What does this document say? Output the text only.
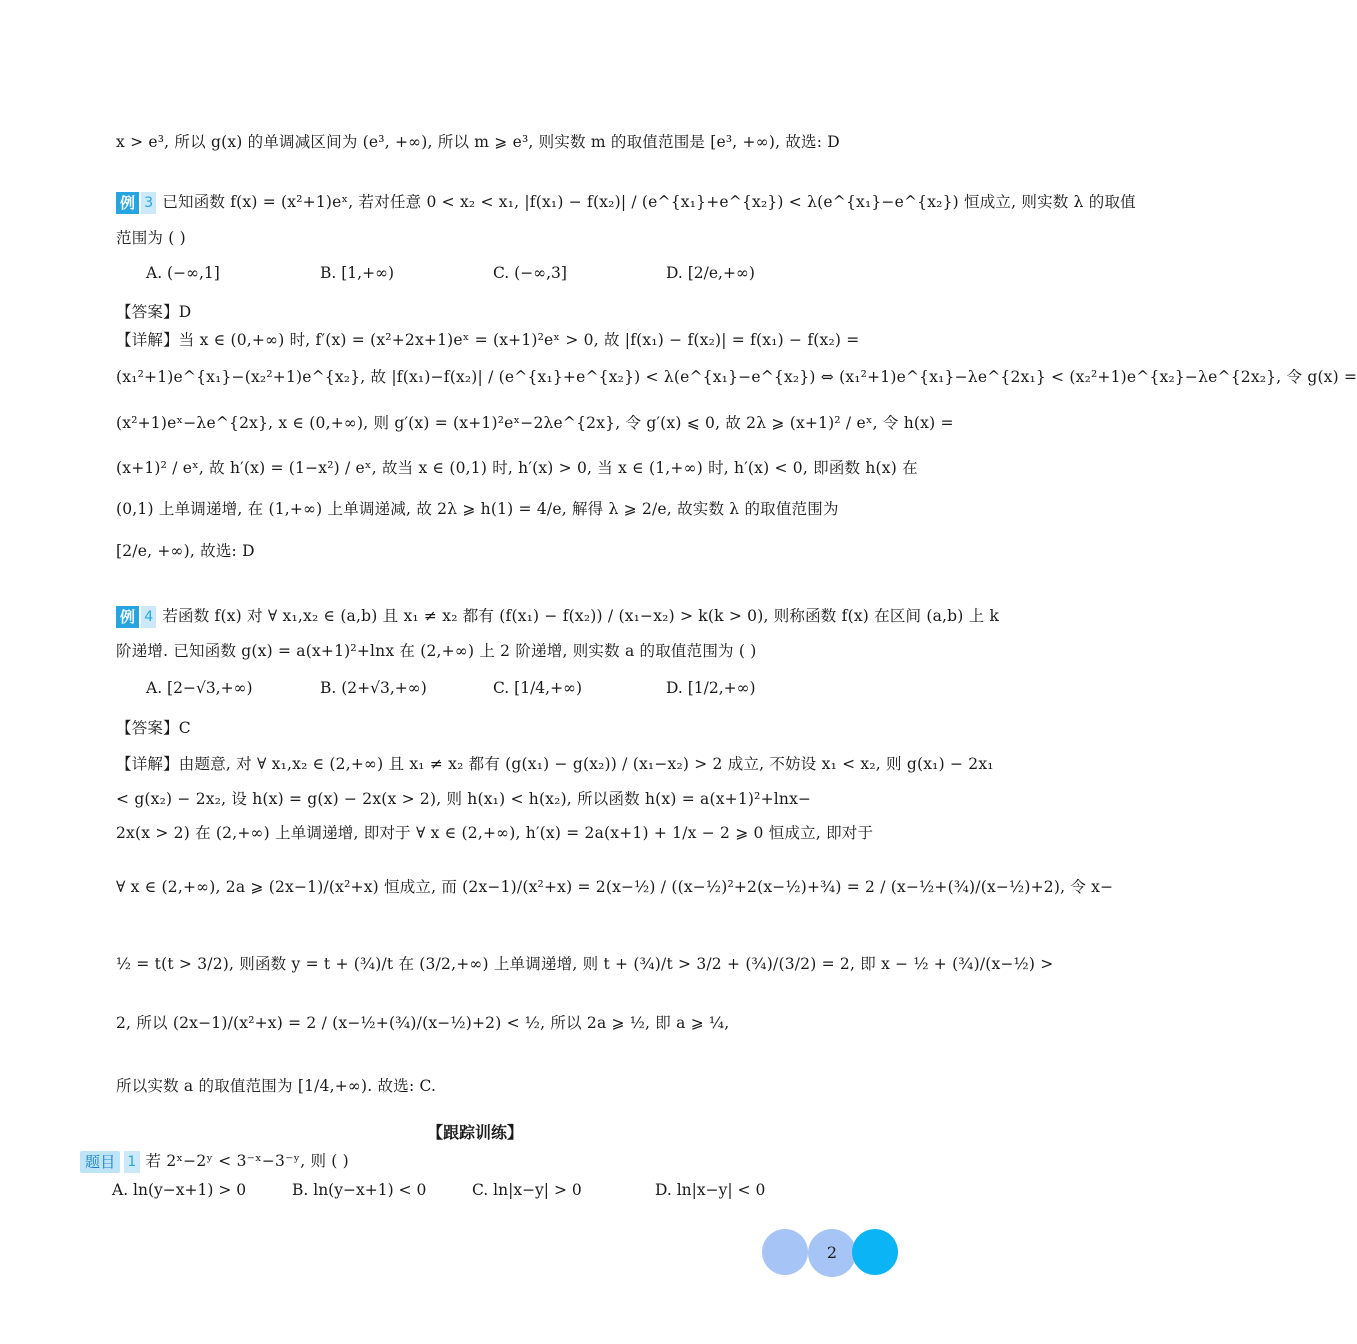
x > e³, 所以 g(x) 的单调减区间为 (e³, +∞), 所以 m ⩾ e³, 则实数 m 的取值范围是 [e³, +∞), 故选: D
例 3 已知函数 f(x) = (x²+1)eˣ, 若对任意 0 < x₂ < x₁, |f(x₁) − f(x₂)| / (e^{x₁}+e^{x₂}) < λ(e^{x₁}−e^{x₂}) 恒成立, 则实数 λ 的取值
范围为 ( )
A. (−∞,1]	B. [1,+∞)	C. (−∞,3]	D. [2/e,+∞)
【答案】D
【详解】当 x ∈ (0,+∞) 时, f′(x) = (x²+2x+1)eˣ = (x+1)²eˣ > 0, 故 |f(x₁) − f(x₂)| = f(x₁) − f(x₂) =
(x₁²+1)e^{x₁}−(x₂²+1)e^{x₂}, 故 |f(x₁)−f(x₂)| / (e^{x₁}+e^{x₂}) < λ(e^{x₁}−e^{x₂}) ⇔ (x₁²+1)e^{x₁}−λe^{2x₁} < (x₂²+1)e^{x₂}−λe^{2x₂}, 令 g(x) =
(x²+1)eˣ−λe^{2x}, x ∈ (0,+∞), 则 g′(x) = (x+1)²eˣ−2λe^{2x}, 令 g′(x) ⩽ 0, 故 2λ ⩾ (x+1)² / eˣ, 令 h(x) =
(x+1)² / eˣ, 故 h′(x) = (1−x²) / eˣ, 故当 x ∈ (0,1) 时, h′(x) > 0, 当 x ∈ (1,+∞) 时, h′(x) < 0, 即函数 h(x) 在
(0,1) 上单调递增, 在 (1,+∞) 上单调递减, 故 2λ ⩾ h(1) = 4/e, 解得 λ ⩾ 2/e, 故实数 λ 的取值范围为
[2/e, +∞), 故选: D
例 4 若函数 f(x) 对 ∀ x₁,x₂ ∈ (a,b) 且 x₁ ≠ x₂ 都有 (f(x₁) − f(x₂)) / (x₁−x₂) > k(k > 0), 则称函数 f(x) 在区间 (a,b) 上 k
阶递增. 已知函数 g(x) = a(x+1)²+lnx 在 (2,+∞) 上 2 阶递增, 则实数 a 的取值范围为 ( )
A. [2−√3,+∞)	B. (2+√3,+∞)	C. [1/4,+∞)	D. [1/2,+∞)
【答案】C
【详解】由题意, 对 ∀ x₁,x₂ ∈ (2,+∞) 且 x₁ ≠ x₂ 都有 (g(x₁) − g(x₂)) / (x₁−x₂) > 2 成立, 不妨设 x₁ < x₂, 则 g(x₁) − 2x₁
< g(x₂) − 2x₂, 设 h(x) = g(x) − 2x(x > 2), 则 h(x₁) < h(x₂), 所以函数 h(x) = a(x+1)²+lnx−
2x(x > 2) 在 (2,+∞) 上单调递增, 即对于 ∀ x ∈ (2,+∞), h′(x) = 2a(x+1) + 1/x − 2 ⩾ 0 恒成立, 即对于
∀ x ∈ (2,+∞), 2a ⩾ (2x−1)/(x²+x) 恒成立, 而 (2x−1)/(x²+x) = 2(x−½) / ((x−½)²+2(x−½)+¾) = 2 / (x−½+(¾)/(x−½)+2), 令 x−
½ = t(t > 3/2), 则函数 y = t + (¾)/t 在 (3/2,+∞) 上单调递增, 则 t + (¾)/t > 3/2 + (¾)/(3/2) = 2, 即 x − ½ + (¾)/(x−½) >
2, 所以 (2x−1)/(x²+x) = 2 / (x−½+(¾)/(x−½)+2) < ½, 所以 2a ⩾ ½, 即 a ⩾ ¼,
所以实数 a 的取值范围为 [1/4,+∞). 故选: C.
【跟踪训练】
题目 1 若 2ˣ−2ʸ < 3⁻ˣ−3⁻ʸ, 则 ( )
A. ln(y−x+1) > 0	B. ln(y−x+1) < 0	C. ln|x−y| > 0	D. ln|x−y| < 0
2
